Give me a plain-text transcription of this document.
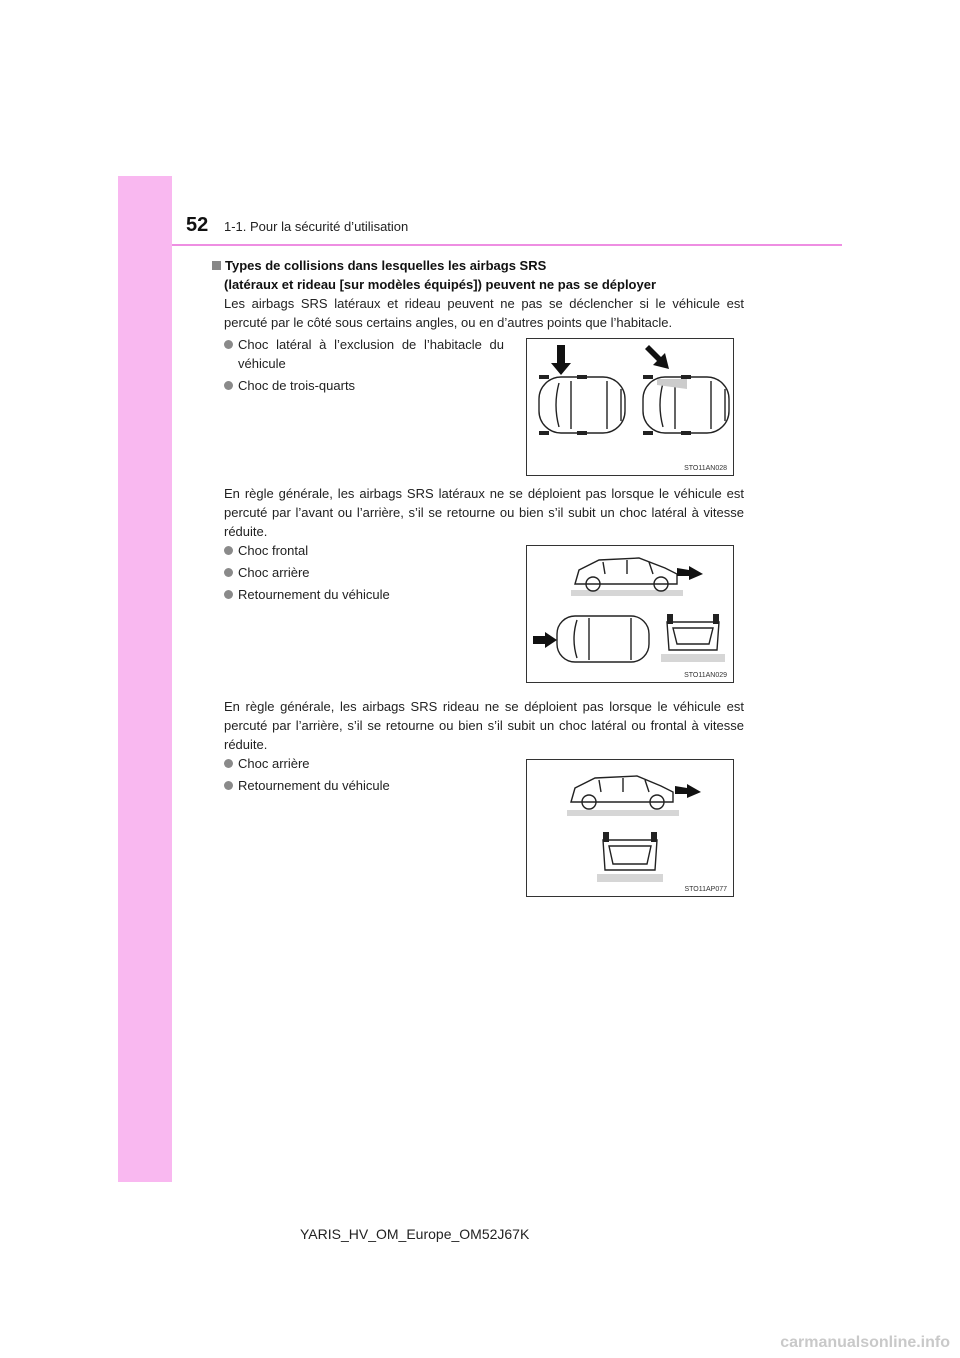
52 1-1. Pour la sécurité d’utilisation
Types de collisions dans lesquelles les airbags SRS
(latéraux et rideau [sur modèles équipés]) peuvent ne pas se déployer
Les airbags SRS latéraux et rideau peuvent ne pas se déclencher si le véhicule est percuté par le côté sous certains angles, ou en d’autres points que l’habitacle.
Choc latéral à l’exclusion de l’habitacle du véhicule
Choc de trois-quarts
STO11AN028
En règle générale, les airbags SRS latéraux ne se déploient pas lorsque le véhicule est percuté par l’avant ou l’arrière, s’il se retourne ou bien s’il subit un choc latéral à vitesse réduite.
Choc frontal
Choc arrière
Retournement du véhicule
STO11AN029
En règle générale, les airbags SRS rideau ne se déploient pas lorsque le véhicule est percuté par l’arrière, s’il se retourne ou bien s’il subit un choc latéral ou frontal à vitesse réduite.
Choc arrière
Retournement du véhicule
STO11AP077
YARIS_HV_OM_Europe_OM52J67K
carmanualsonline.info
